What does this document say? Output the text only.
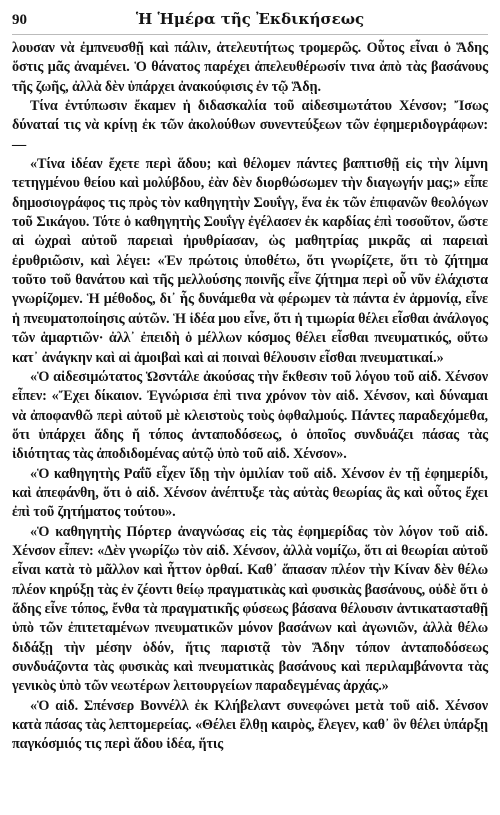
90	Ἡ Ἡμέρα τῆς Ἐκδικήσεως

λουσαν νὰ ἐμπνευσθῇ καὶ πάλιν, ἀτελευτήτως τρομερῶς. Οὗτος εἶναι ὁ Ἅδης ὅστις μᾶς ἀναμένει. Ὁ θάνατος παρέχει ἀπελευθέρωσίν τινα ἀπὸ τὰς βασάνους τῆς ζωῆς, ἀλλὰ δὲν ὑπάρχει ἀνακούφισις ἐν τῷ Ἅδῃ.

Τίνα ἐντύπωσιν ἔκαμεν ἡ διδασκαλία τοῦ αἰδεσιμωτάτου Χένσον; Ἴσως δύναταί τις νὰ κρίνῃ ἐκ τῶν ἀκολούθων συνεντεύξεων τῶν ἐφημεριδογράφων:—

«Τίνα ἰδέαν ἔχετε περὶ ἅδου; καὶ θέλομεν πάντες βαπτισθῇ εἰς τὴν λίμνη τετηγμένου θείου καὶ μολύβδου, ἐὰν δὲν διορθώσωμεν τὴν διαγωγήν μας;» εἶπε δημοσιογράφος τις πρὸς τὸν καθηγητὴν Σουΐγγ, ἕνα ἐκ τῶν ἐπιφανῶν θεολόγων τοῦ Σικάγου. Τότε ὁ καθηγητὴς Σουΐγγ ἐγέλασεν ἐκ καρδίας ἐπὶ τοσοῦτον, ὥστε αἱ ὠχραὶ αὐτοῦ παρειαὶ ἠρυθρίασαν, ὡς μαθητρίας μικρᾶς αἱ παρειαὶ ἐρυθριῶσιν, καὶ λέγει: «Ἐν πρώτοις ὑποθέτω, ὅτι γνωρίζετε, ὅτι τὸ ζήτημα τοῦτο τοῦ θανάτου καὶ τῆς μελλούσης ποινῆς εἶνε ζήτημα περὶ οὗ νῦν ἐλάχιστα γνωρίζομεν. Ἡ μέθοδος, δι᾽ ἧς δυνάμεθα νὰ φέρωμεν τὰ πάντα ἐν ἁρμονίᾳ, εἶνε ἡ πνευματοποίησις αὐτῶν. Ἡ ἰδέα μου εἶνε, ὅτι ἡ τιμωρία θέλει εἶσθαι ἀνάλογος τῶν ἁμαρτιῶν· ἀλλ᾽ ἐπειδὴ ὁ μέλλων κόσμος θέλει εἶσθαι πνευματικός, οὕτω κατ᾽ ἀνάγκην καὶ αἱ ἀμοιβαὶ καὶ αἱ ποιναὶ θέλουσιν εἶσθαι πνευματικαί.»

«Ὁ αἰδεσιμώτατος Ὡσντάλε ἀκούσας τὴν ἔκθεσιν τοῦ λόγου τοῦ αἰδ. Χένσον εἶπεν: «Ἔχει δίκαιον. Ἐγνώρισα ἐπὶ τινα χρόνον τὸν αἰδ. Χένσον, καὶ δύναμαι νὰ ἀποφανθῶ περὶ αὐτοῦ μὲ κλειστοὺς τοὺς ὀφθαλμούς. Πάντες παραδεχόμεθα, ὅτι ὑπάρχει ἅδης ἤ τόπος ἀνταποδόσεως, ὁ ὁποῖος συνδυάζει πάσας τὰς ἰδιότητας τὰς ἀποδιδομένας αὐτῷ ὑπὸ τοῦ αἰδ. Χένσον».

«Ὁ καθηγητὴς Ραΐῦ εἶχεν ἴδῃ τὴν ὁμιλίαν τοῦ αἰδ. Χένσον ἐν τῇ ἐφημερίδι, καὶ ἀπεφάνθη, ὅτι ὁ αἰδ. Χένσον ἀνέπτυξε τὰς αὐτὰς θεωρίας ἃς καὶ οὗτος ἔχει ἐπὶ τοῦ ζητήματος τούτου».

«Ὁ καθηγητὴς Πόρτερ ἀναγνώσας εἰς τὰς ἐφημερίδας τὸν λόγον τοῦ αἰδ. Χένσον εἶπεν: «Δὲν γνωρίζω τὸν αἰδ. Χένσον, ἀλλὰ νομίζω, ὅτι αἱ θεωρίαι αὐτοῦ εἶναι κατὰ τὸ μᾶλλον καὶ ἧττον ὀρθαί. Καθ᾽ ἅπασαν πλέον τὴν Κίναν δὲν θέλω πλέον κηρύξῃ τὰς ἐν ζέοντι θείῳ πραγματικὰς καὶ φυσικὰς βασάνους, οὐδὲ ὅτι ὁ ἅδης εἶνε τόπος, ἔνθα τὰ πραγματικῆς φύσεως βάσανα θέλουσιν ἀντικατασταθῇ ὑπὸ τῶν ἐπιτεταμένων πνευματικῶν μόνον βασάνων καὶ ἀγωνιῶν, ἀλλὰ θέλω διδάξῃ τὴν μέσην ὁδόν, ἥτις παριστᾷ τὸν Ἅδην τόπον ἀνταποδόσεως συνδυάζοντα τὰς φυσικὰς καὶ πνευματικὰς βασάνους καὶ περιλαμβάνοντα τὰς γενικὸς ὑπὸ τῶν νεωτέρων λειτουργείων παραδεγμένας ἀρχάς.»

«Ὁ αἰδ. Σπένσερ Βοννέλλ ἐκ Κλήβελαντ συνεφώνει μετὰ τοῦ αἰδ. Χένσον κατὰ πάσας τὰς λεπτομερείας. «Θέλει ἔλθῃ καιρὸς, ἔλεγεν, καθ᾽ ὃν θέλει ὑπάρξῃ παγκόσμιός τις περὶ ἅδου ἰδέα, ἥτις
